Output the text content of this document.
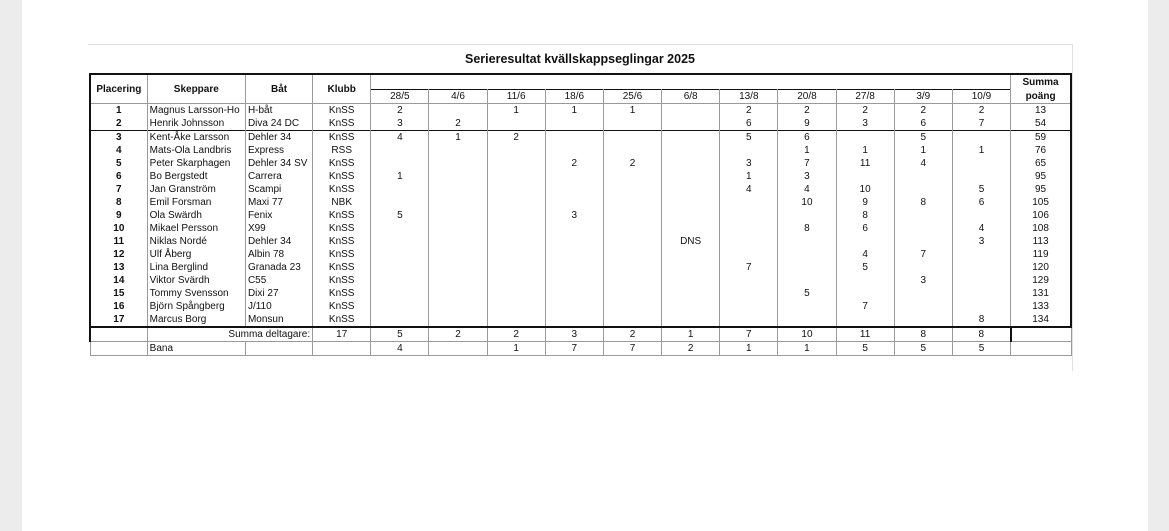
Serieresultat kvällskappseglingar 2025
Placering	Skeppare	Båt	Klubb												Summa
				28/5	4/6	11/6	18/6	25/6	6/8	13/8	20/8	27/8	3/9	10/9	poäng
1	Magnus Larsson-Ho	H-båt	KnSS	2		1	1	1		2	2	2	2	2	13
2	Henrik Johnsson	Diva 24 DC	KnSS	3	2					6	9	3	6	7	54
3	Kent-Åke Larsson	Dehler 34	KnSS	4	1	2				5	6		5		59
4	Mats-Ola Landbris	Express	RSS								1	1	1	1	76
5	Peter Skarphagen	Dehler 34 SV	KnSS				2	2		3	7	11	4		65
6	Bo Bergstedt	Carrera	KnSS	1						1	3				95
7	Jan Granström	Scampi	KnSS							4	4	10		5	95
8	Emil Forsman	Maxi 77	NBK								10	9	8	6	105
9	Ola Swärdh	Fenix	KnSS	5			3					8			106
10	Mikael Persson	X99	KnSS								8	6		4	108
11	Niklas Nordé	Dehler 34	KnSS						DNS					3	113
12	Ulf Åberg	Albin 78	KnSS									4	7		119
13	Lina Berglind	Granada 23	KnSS							7		5			120
14	Viktor Svärdh	C55	KnSS										3		129
15	Tommy Svensson	Dixi 27	KnSS								5				131
16	Björn Spångberg	J/110	KnSS									7			133
17	Marcus Borg	Monsun	KnSS											8	134
	Summa deltagare:		17	5	2	2	3	2	1	7	10	11	8	8	
	Bana			4		1	7	7	2	1	1	5	5	5	
